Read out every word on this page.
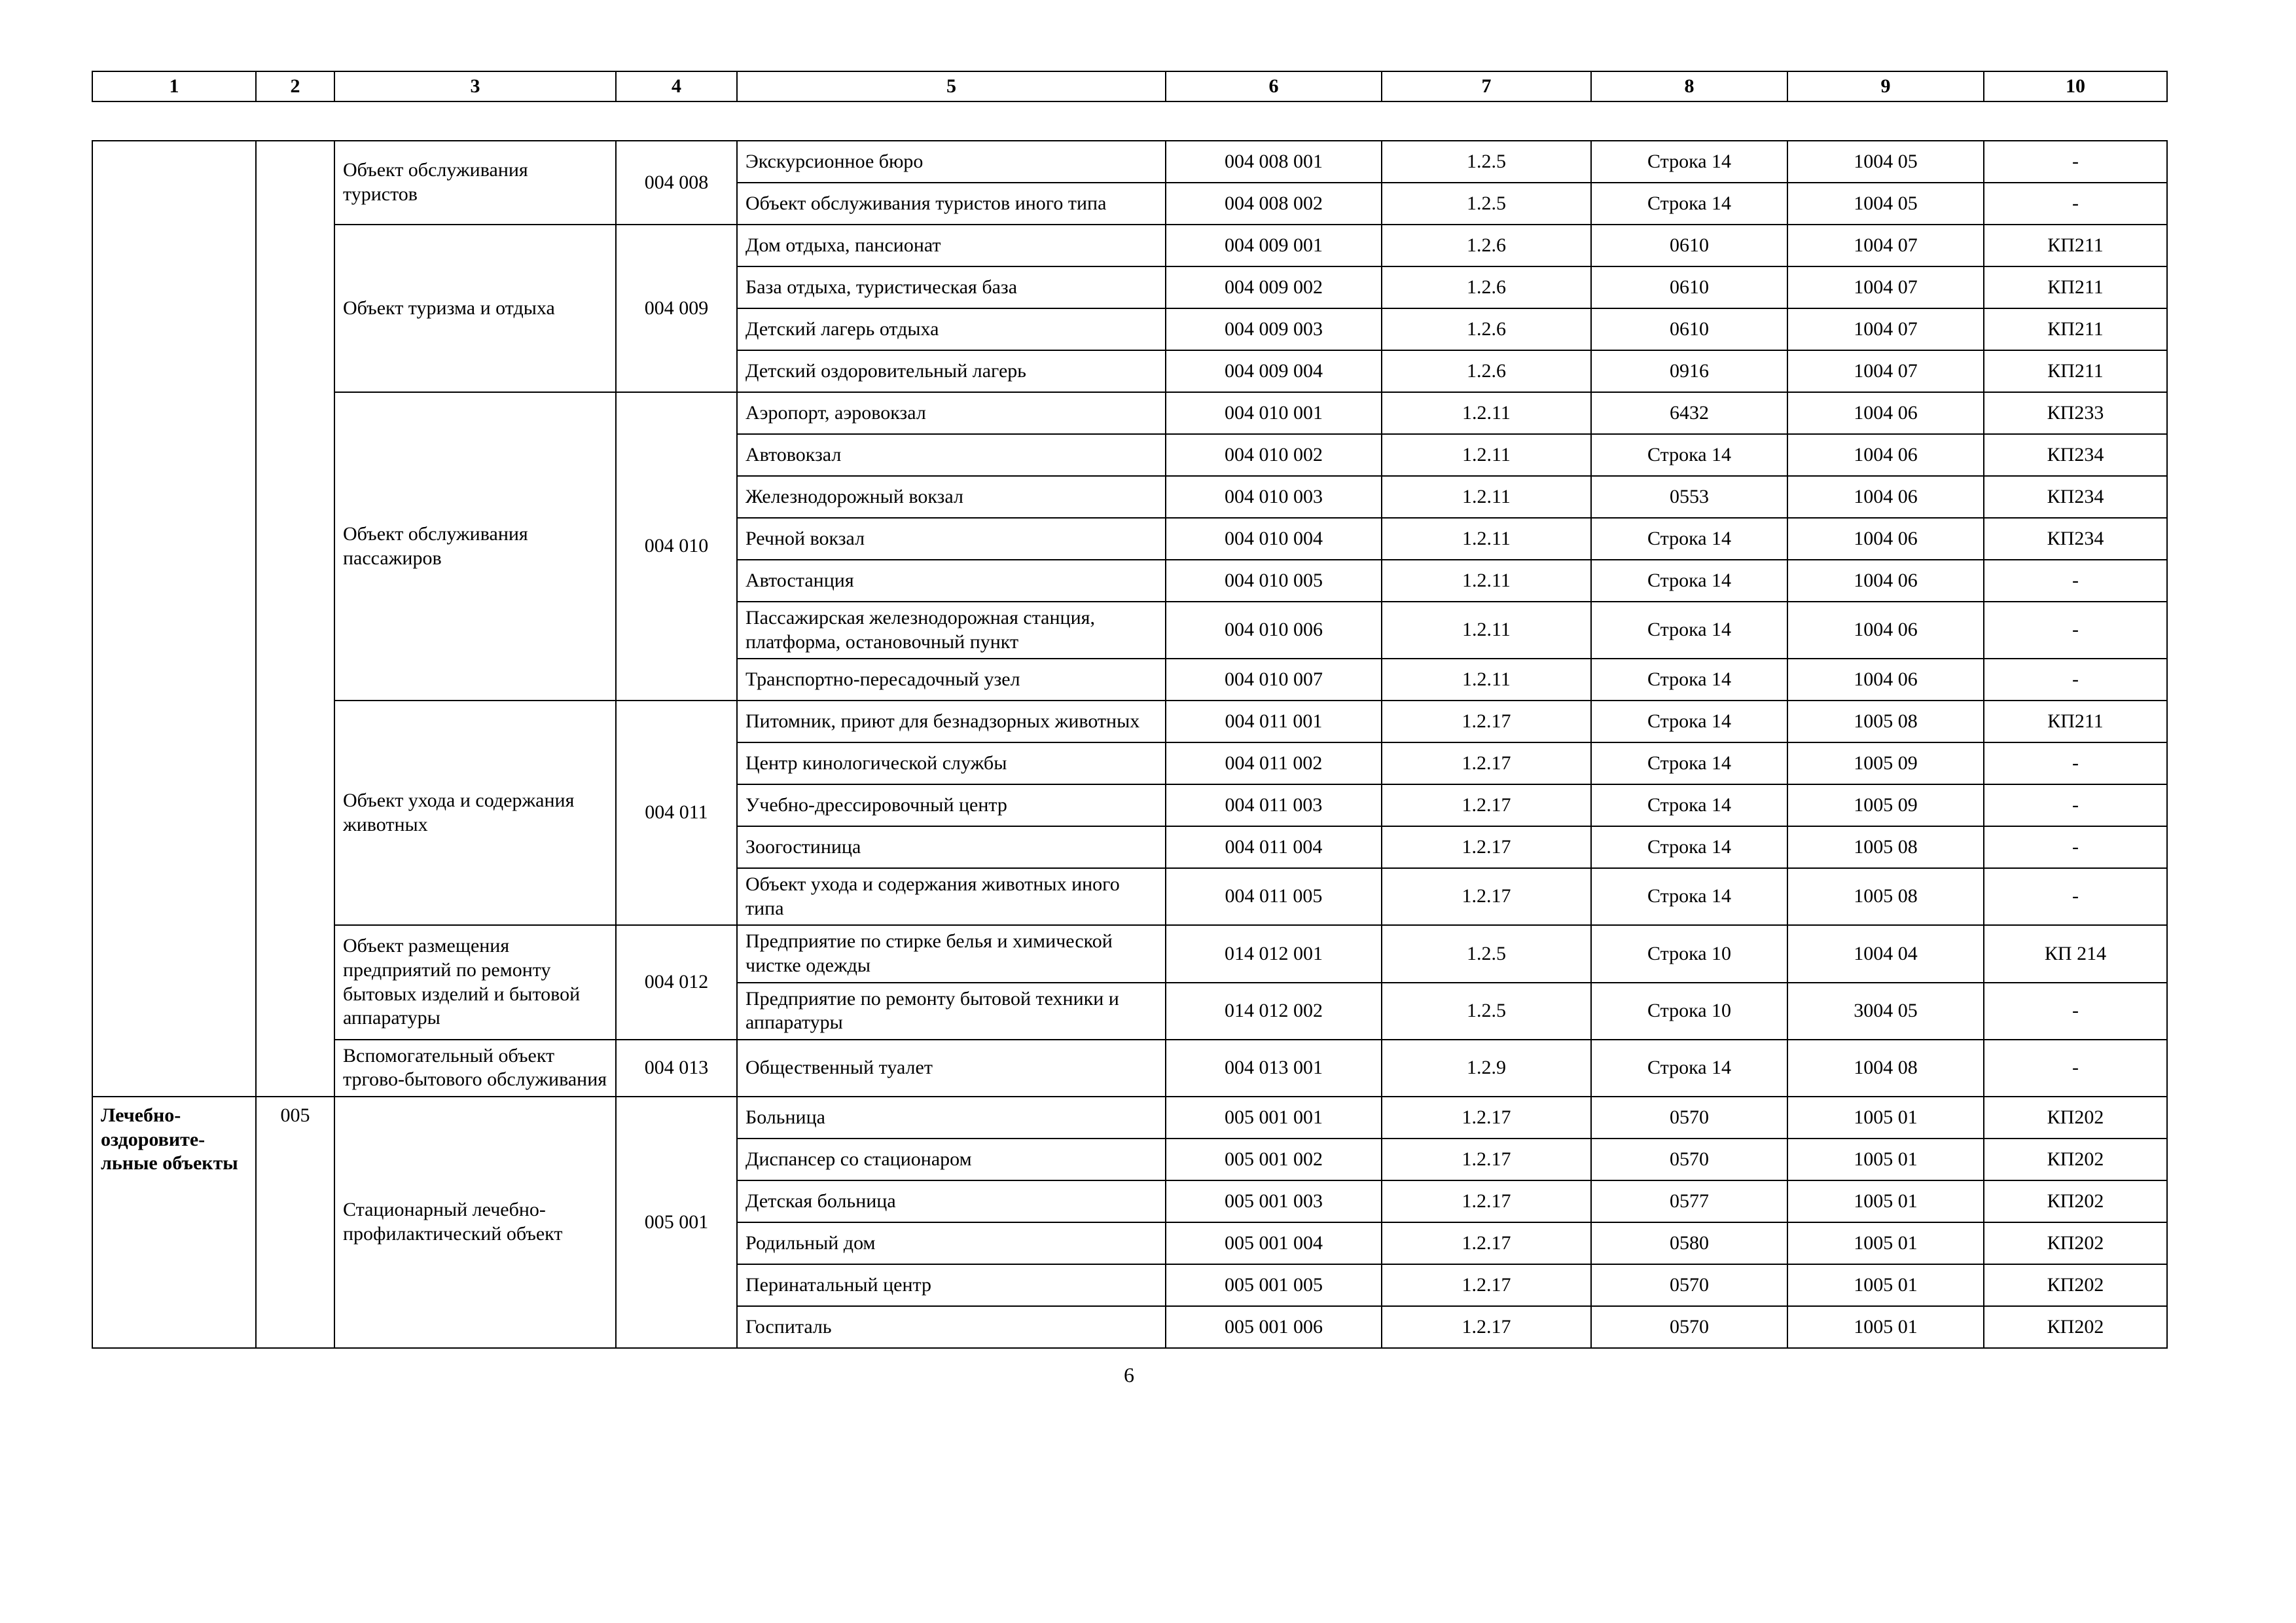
1	2	3	4	5	6	7	8	9	10
		Объект обслуживания туристов	004 008	Экскурсионное бюро	004 008 001	1.2.5	Строка 14	1004 05	-
				Объект обслуживания туристов иного типа	004 008 002	1.2.5	Строка 14	1004 05	-
		Объект туризма и отдыха	004 009	Дом отдыха, пансионат	004 009 001	1.2.6	0610	1004 07	КП211
				База отдыха, туристическая база	004 009 002	1.2.6	0610	1004 07	КП211
				Детский лагерь отдыха	004 009 003	1.2.6	0610	1004 07	КП211
				Детский оздоровительный лагерь	004 009 004	1.2.6	0916	1004 07	КП211
		Объект обслуживания пассажиров	004 010	Аэропорт, аэровокзал	004 010 001	1.2.11	6432	1004 06	КП233
				Автовокзал	004 010 002	1.2.11	Строка 14	1004 06	КП234
				Железнодорожный вокзал	004 010 003	1.2.11	0553	1004 06	КП234
				Речной вокзал	004 010 004	1.2.11	Строка 14	1004 06	КП234
				Автостанция	004 010 005	1.2.11	Строка 14	1004 06	-
				Пассажирская железнодорожная станция, платформа, остановочный пункт	004 010 006	1.2.11	Строка 14	1004 06	-
				Транспортно-пересадочный узел	004 010 007	1.2.11	Строка 14	1004 06	-
		Объект ухода и содержания животных	004 011	Питомник, приют для безнадзорных животных	004 011 001	1.2.17	Строка 14	1005 08	КП211
				Центр кинологической службы	004 011 002	1.2.17	Строка 14	1005 09	-
				Учебно-дрессировочный центр	004 011 003	1.2.17	Строка 14	1005 09	-
				Зоогостиница	004 011 004	1.2.17	Строка 14	1005 08	-
				Объект ухода и содержания животных иного типа	004 011 005	1.2.17	Строка 14	1005 08	-
		Объект размещения предприятий по ремонту бытовых изделий и бытовой аппаратуры	004 012	Предприятие по стирке белья и химической чистке одежды	014 012 001	1.2.5	Строка 10	1004 04	КП 214
				Предприятие по ремонту бытовой техники и аппаратуры	014 012 002	1.2.5	Строка 10	3004 05	-
		Вспомогательный объект тргово-бытового обслуживания	004 013	Общественный туалет	004 013 001	1.2.9	Строка 14	1004 08	-
Лечебно-оздоровите-льные объекты	005	Стационарный лечебно-профилактический объект	005 001	Больница	005 001 001	1.2.17	0570	1005 01	КП202
				Диспансер со стационаром	005 001 002	1.2.17	0570	1005 01	КП202
				Детская больница	005 001 003	1.2.17	0577	1005 01	КП202
				Родильный дом	005 001 004	1.2.17	0580	1005 01	КП202
				Перинатальный центр	005 001 005	1.2.17	0570	1005 01	КП202
				Госпиталь	005 001 006	1.2.17	0570	1005 01	КП202
6
